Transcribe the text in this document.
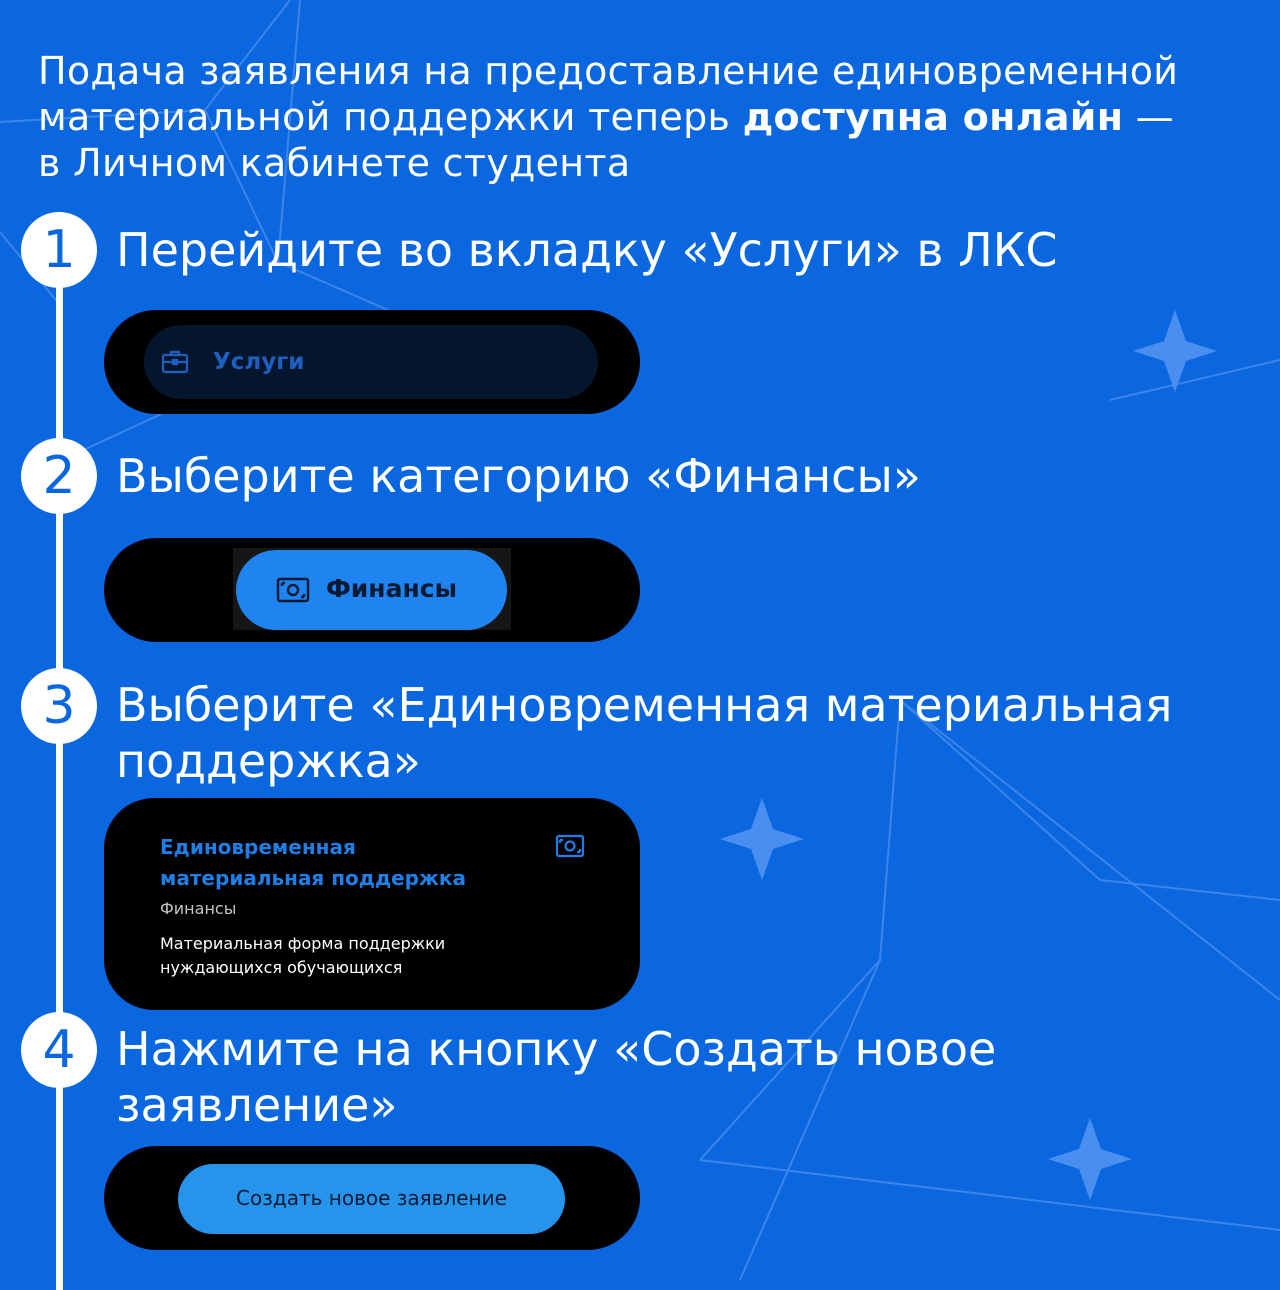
Подача заявления на предоставление единовременной
материальной поддержки теперь доступна онлайн —
в Личном кабинете студента
1 Перейдите во вкладку «Услуги» в ЛКС
Услуги
2 Выберите категорию «Финансы»
Финансы
3 Выберите «Единовременная материальная
поддержка»
Единовременная
материальная поддержка
Финансы
Материальная форма поддержки
нуждающихся обучающихся
4 Нажмите на кнопку «Создать новое
заявление»
Создать новое заявление
